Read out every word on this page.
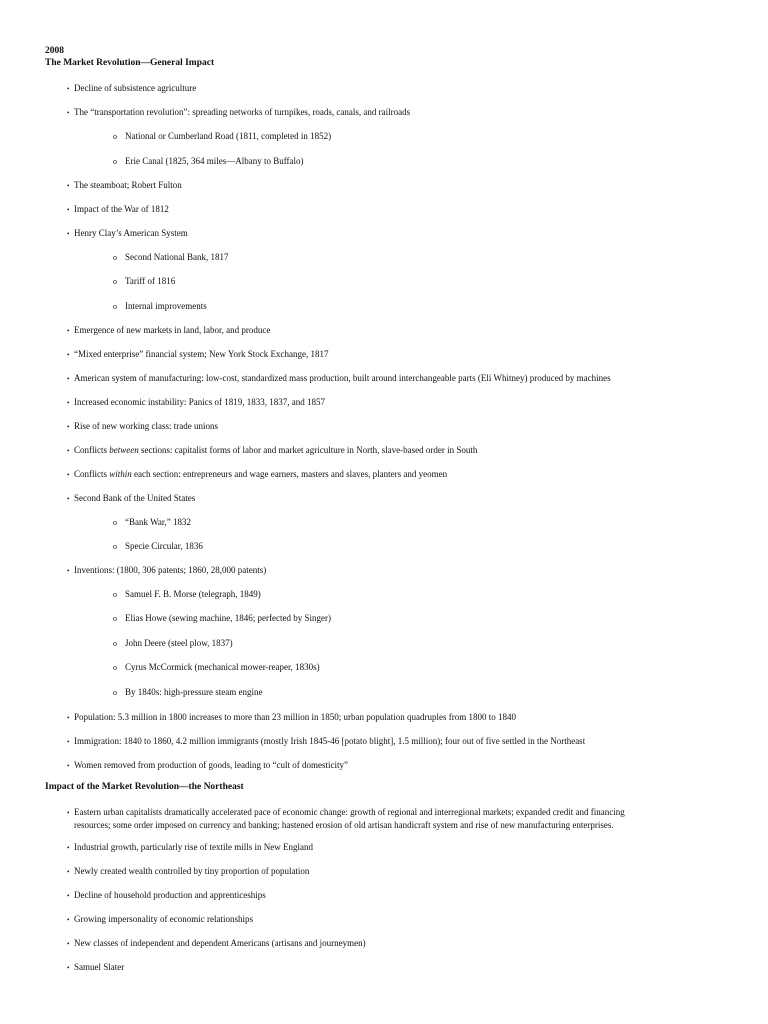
2008
The Market Revolution—General Impact
• Decline of subsistence agriculture
• The “transportation revolution”: spreading networks of turnpikes, roads, canals, and railroads
o National or Cumberland Road (1811, completed in 1852)
o Erie Canal (1825, 364 miles—Albany to Buffalo)
• The steamboat; Robert Fulton
• Impact of the War of 1812
• Henry Clay’s American System
o Second National Bank, 1817
o Tariff of 1816
o Internal improvements
• Emergence of new markets in land, labor, and produce
• “Mixed enterprise” financial system; New York Stock Exchange, 1817
• American system of manufacturing: low-cost, standardized mass production, built around interchangeable parts (Eli Whitney) produced by machines
• Increased economic instability: Panics of 1819, 1833, 1837, and 1857
• Rise of new working class: trade unions
• Conflicts between sections: capitalist forms of labor and market agriculture in North, slave-based order in South
• Conflicts within each section: entrepreneurs and wage earners, masters and slaves, planters and yeomen
• Second Bank of the United States
o “Bank War,” 1832
o Specie Circular, 1836
• Inventions: (1800, 306 patents; 1860, 28,000 patents)
o Samuel F. B. Morse (telegraph, 1849)
o Elias Howe (sewing machine, 1846; perfected by Singer)
o John Deere (steel plow, 1837)
o Cyrus McCormick (mechanical mower-reaper, 1830s)
o By 1840s: high-pressure steam engine
• Population: 5.3 million in 1800 increases to more than 23 million in 1850; urban population quadruples from 1800 to 1840
• Immigration: 1840 to 1860, 4.2 million immigrants (mostly Irish 1845-46 [potato blight], 1.5 million); four out of five settled in the Northeast
• Women removed from production of goods, leading to “cult of domesticity”
Impact of the Market Revolution—the Northeast
• Eastern urban capitalists dramatically accelerated pace of economic change: growth of regional and interregional markets; expanded credit and financing
resources; some order imposed on currency and banking; hastened erosion of old artisan handicraft system and rise of new manufacturing enterprises.
• Industrial growth, particularly rise of textile mills in New England
• Newly created wealth controlled by tiny proportion of population
• Decline of household production and apprenticeships
• Growing impersonality of economic relationships
• New classes of independent and dependent Americans (artisans and journeymen)
• Samuel Slater
